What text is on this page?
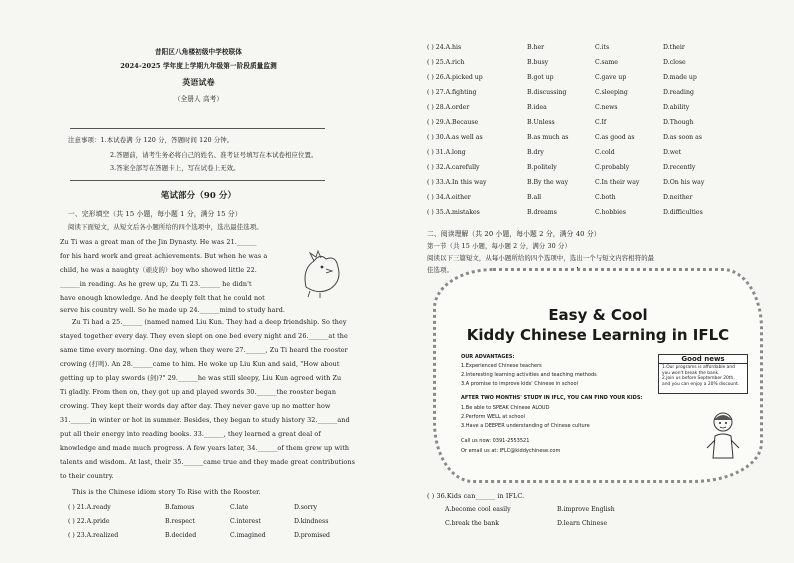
昔阳区八角楼初级中学校联体
2024-2025 学年度上学期九年级第一阶段质量监测
英语试卷
（全册人 高考）
注意事项：1.本试卷满 分 120 分，答题时间 120 分钟。
2.答题前，请考生务必将自己的姓名、准考证号填写在本试卷相应位置。
3.答案全部写在答题卡上，写在试卷上无效。
笔试部分（90 分）
一、完形填空（共 15 小题，每小题 1 分，满分 15 分）
阅读下面短文，从短文后各小题所给的四个选项中，选出最佳选项。
Zu Ti was a great man of the Jin Dynasty. He was 21.______
for his hard work and great achievements. But when he was a
child, he was a naughty（顽皮的）boy who showed little 22.
______in reading. As he grew up, Zu Ti 23.______ he didn't
have enough knowledge. And he deeply felt that he could not
serve his country well. So he made up 24.______mind to study hard.
Zu Ti had a 25.______ (named named Liu Kun. They had a deep friendship. So they
stayed together every day. They even slept on one bed every night and 26.______at the
same time every morning. One day, when they were 27.______, Zu Ti heard the rooster
crowing (打鸣). An 28.______came to him. He woke up Liu Kun and said, "How about
getting up to play swords (剑)?" 29.______he was still sleepy, Liu Kun agreed with Zu
Ti gladly. From then on, they got up and played swords 30.______the rooster began
crowing. They kept their words day after day. They never gave up no matter how
31.______in winter or hot in summer. Besides, they began to study history 32.______and
put all their energy into reading books. 33.______, they learned a great deal of
knowledge and made much progress. A few years later, 34.______of them grew up with
talents and wisdom. At last, their 35.______came true and they made great contributions
to their country.
This is the Chinese idiom story To Rise with the Rooster.
( ) 21.A.ready	B.famous	C.late	D.sorry
( ) 22.A.pride	B.respect	C.interest	D.kindness
( ) 23.A.realized	B.decided	C.imagined	D.promised
( ) 24.A.his	B.her	C.its	D.their
( ) 25.A.rich	B.busy	C.same	D.close
( ) 26.A.picked up	B.got up	C.gave up	D.made up
( ) 27.A.fighting	B.discussing	C.sleeping	D.reading
( ) 28.A.order	B.idea	C.news	D.ability
( ) 29.A.Because	B.Unless	C.If	D.Though
( ) 30.A.as well as	B.as much as	C.as good as	D.as soon as
( ) 31.A.long	B.dry	C.cold	D.wet
( ) 32.A.carefully	B.politely	C.probably	D.recently
( ) 33.A.In this way	B.By the way	C.In their way	D.On his way
( ) 34.A.either	B.all	C.both	D.neither
( ) 35.A.mistakes	B.dreams	C.hobbies	D.difficulties
二、阅读理解（共 20 小题，每小题 2 分，满分 40 分）
第一节（共 15 小题，每小题 2 分，满分 30 分）
阅读以下三篇短文，从每小题所给的四个选项中，选出一个与短文内容相符的最
佳选项。
Easy & Cool
Kiddy Chinese Learning in IFLC
OUR ADVANTAGES:
1.Experienced Chinese teachers
2.Interesting learning activities and teaching methods
3.A promise to improve kids' Chinese in school
AFTER TWO MONTHS' STUDY IN IFLC, YOU CAN FIND YOUR KIDS:
1.Be able to SPEAK Chinese ALOUD
2.Perform WELL at school
3.Have a DEEPER understanding of Chinese culture
Call us now: 0391-2553521
Or email us at: IFLC@kiddychinese.com
Good news
1.Our programs is affordable and you won't break the bank.
2.Join us before September 20th, and you can enjoy a 20% discount.
( ) 36.Kids can______ in IFLC.
A.become cool easily	B.improve English
C.break the bank	D.learn Chinese
